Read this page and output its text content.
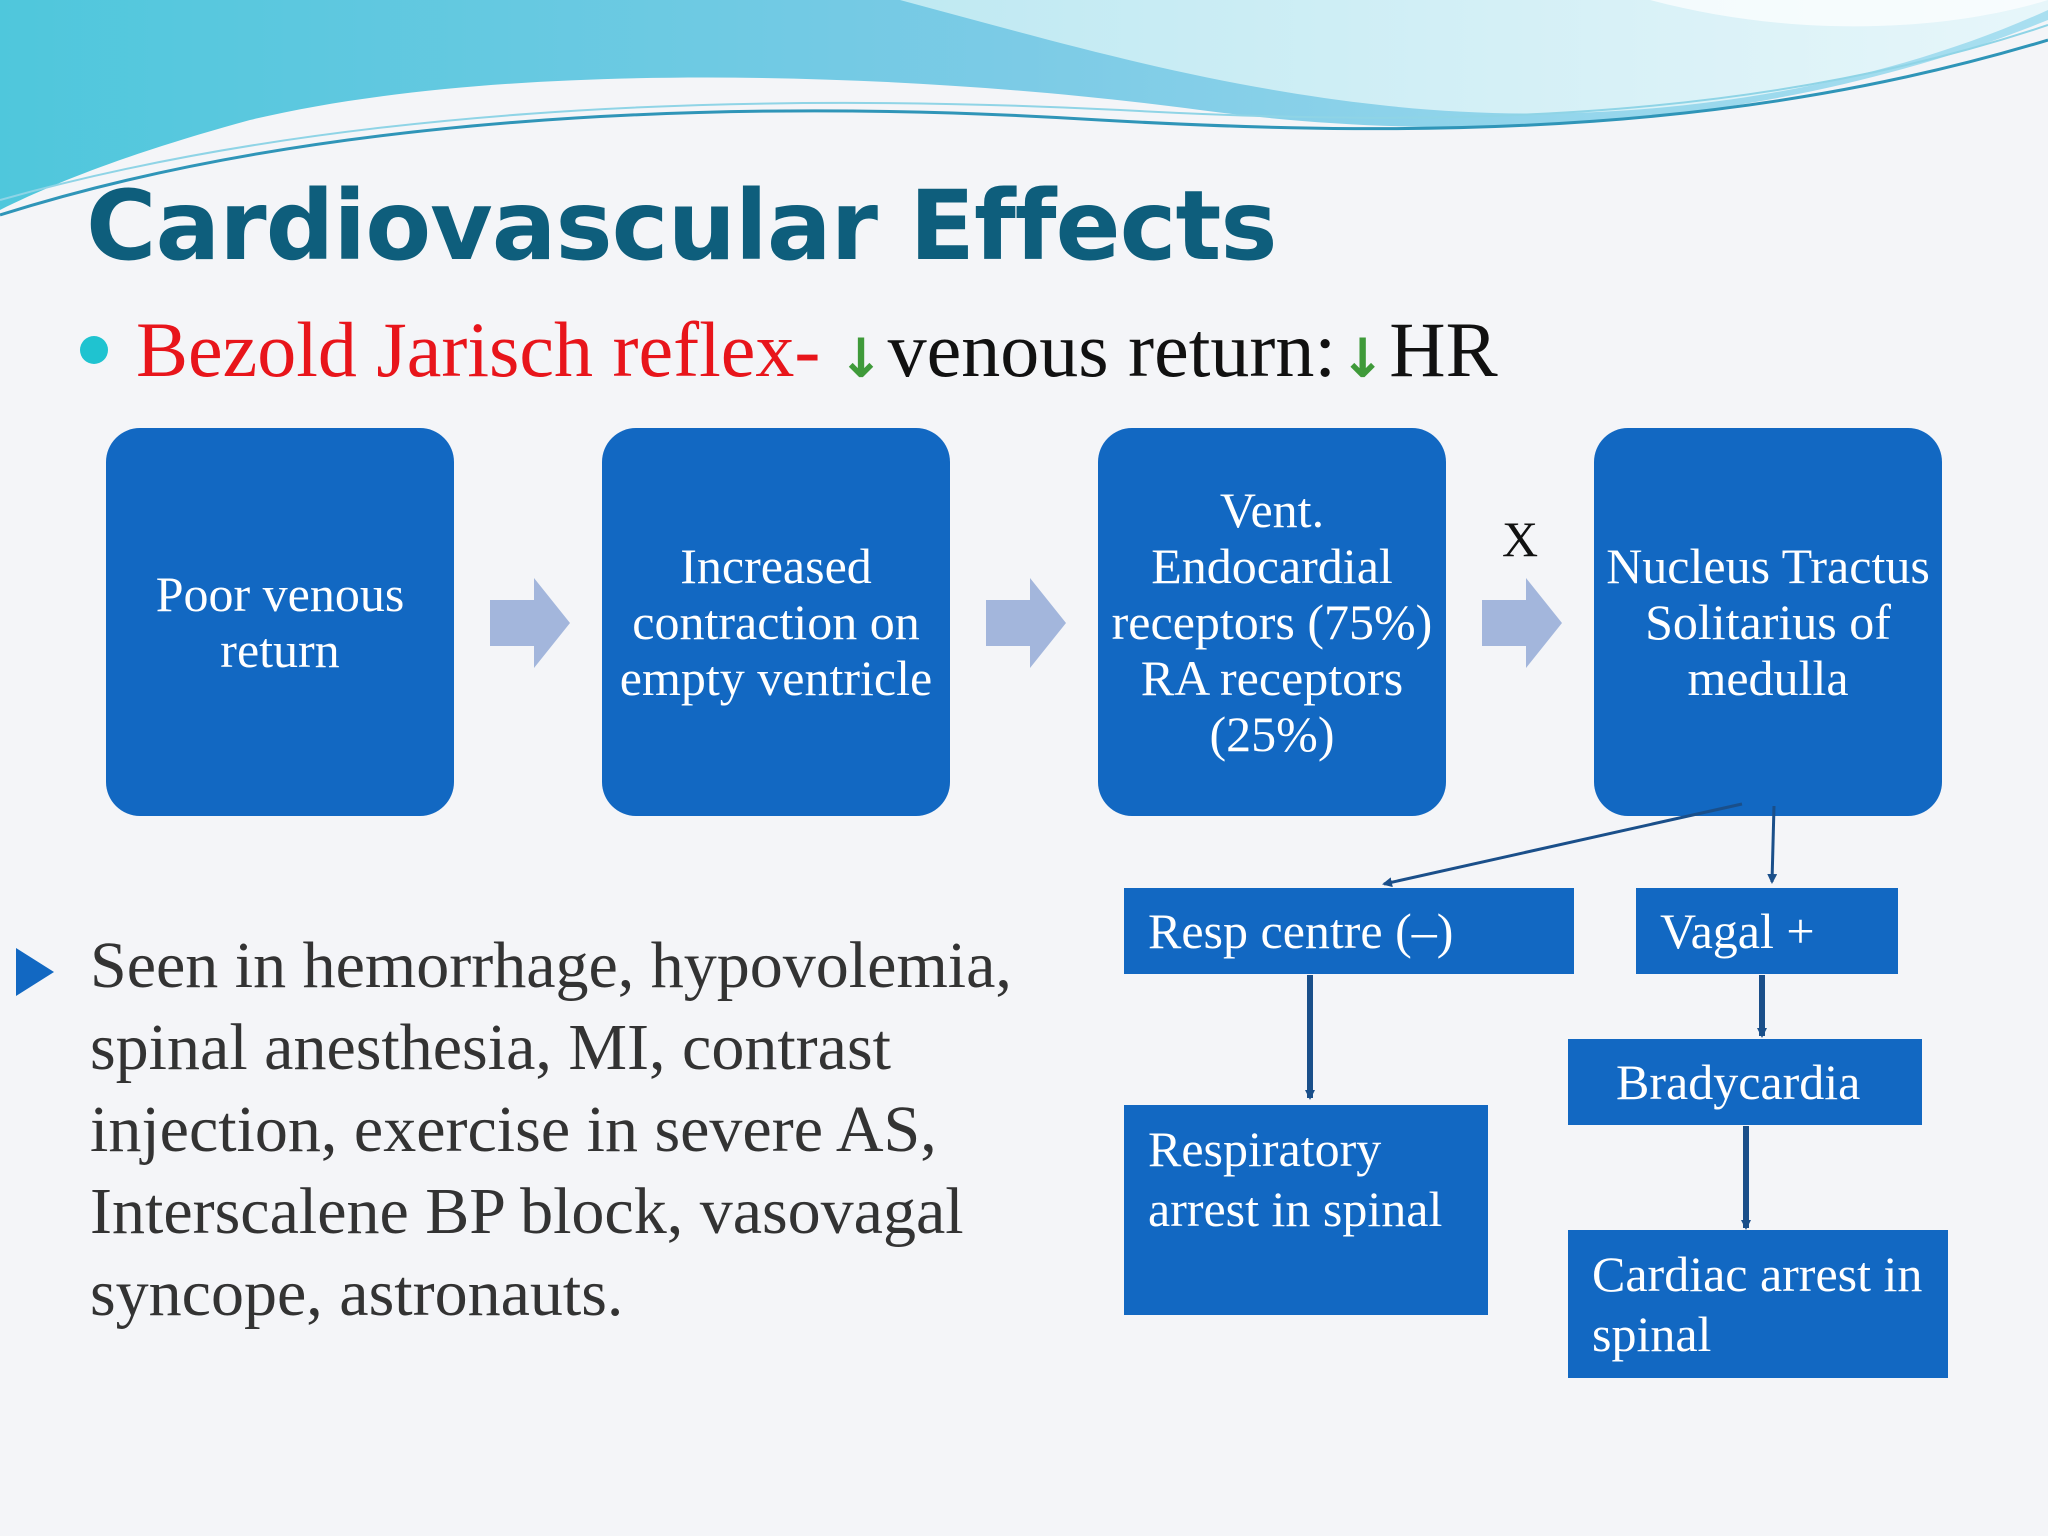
Cardiovascular Effects
Bezold Jarisch reflex- ↓ venous return: ↓ HR
Poor venous return
Increased contraction on empty ventricle
Vent. Endocardial receptors (75%) RA receptors (25%)
Nucleus Tractus Solitarius of medulla
X
Resp centre (–)
Respiratory arrest in spinal
Vagal +
Bradycardia
Cardiac arrest in spinal
Seen in hemorrhage, hypovolemia, spinal anesthesia, MI, contrast injection, exercise in severe AS, Interscalene BP block, vasovagal syncope, astronauts.
